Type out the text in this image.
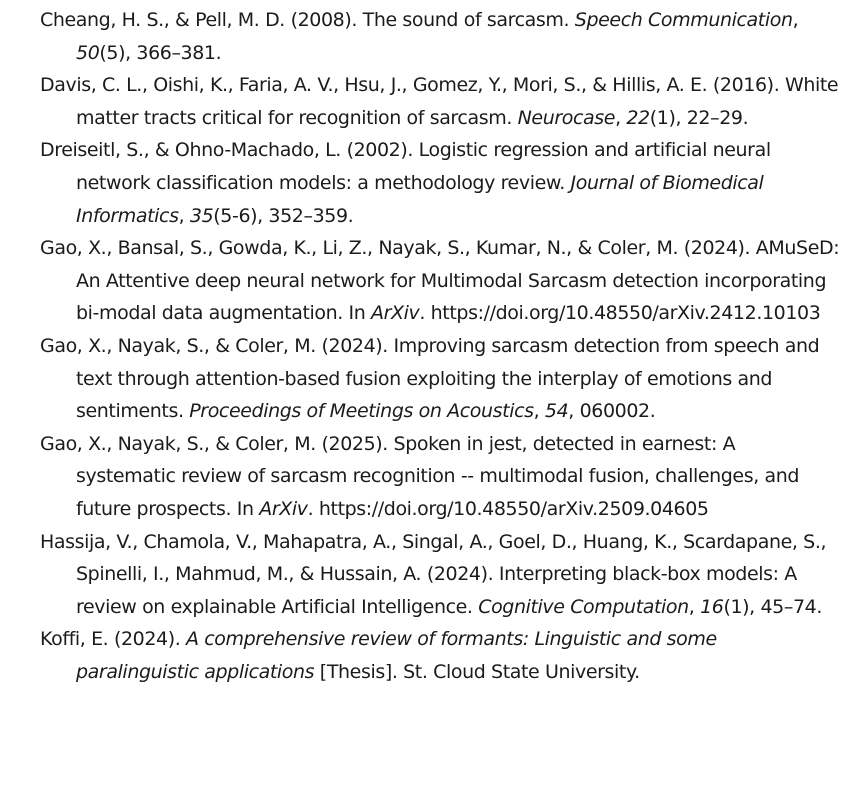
Cheang, H. S., & Pell, M. D. (2008). The sound of sarcasm. Speech Communication, 50(5), 366–381.

Davis, C. L., Oishi, K., Faria, A. V., Hsu, J., Gomez, Y., Mori, S., & Hillis, A. E. (2016). White matter tracts critical for recognition of sarcasm. Neurocase, 22(1), 22–29.

Dreiseitl, S., & Ohno-Machado, L. (2002). Logistic regression and artificial neural network classification models: a methodology review. Journal of Biomedical Informatics, 35(5-6), 352–359.

Gao, X., Bansal, S., Gowda, K., Li, Z., Nayak, S., Kumar, N., & Coler, M. (2024). AMuSeD: An Attentive deep neural network for Multimodal Sarcasm detection incorporating bi-modal data augmentation. In ArXiv. https://doi.org/10.48550/arXiv.2412.10103

Gao, X., Nayak, S., & Coler, M. (2024). Improving sarcasm detection from speech and text through attention-based fusion exploiting the interplay of emotions and sentiments. Proceedings of Meetings on Acoustics, 54, 060002.

Gao, X., Nayak, S., & Coler, M. (2025). Spoken in jest, detected in earnest: A systematic review of sarcasm recognition -- multimodal fusion, challenges, and future prospects. In ArXiv. https://doi.org/10.48550/arXiv.2509.04605

Hassija, V., Chamola, V., Mahapatra, A., Singal, A., Goel, D., Huang, K., Scardapane, S., Spinelli, I., Mahmud, M., & Hussain, A. (2024). Interpreting black-box models: A review on explainable Artificial Intelligence. Cognitive Computation, 16(1), 45–74.

Koffi, E. (2024). A comprehensive review of formants: Linguistic and some paralinguistic applications [Thesis]. St. Cloud State University.
